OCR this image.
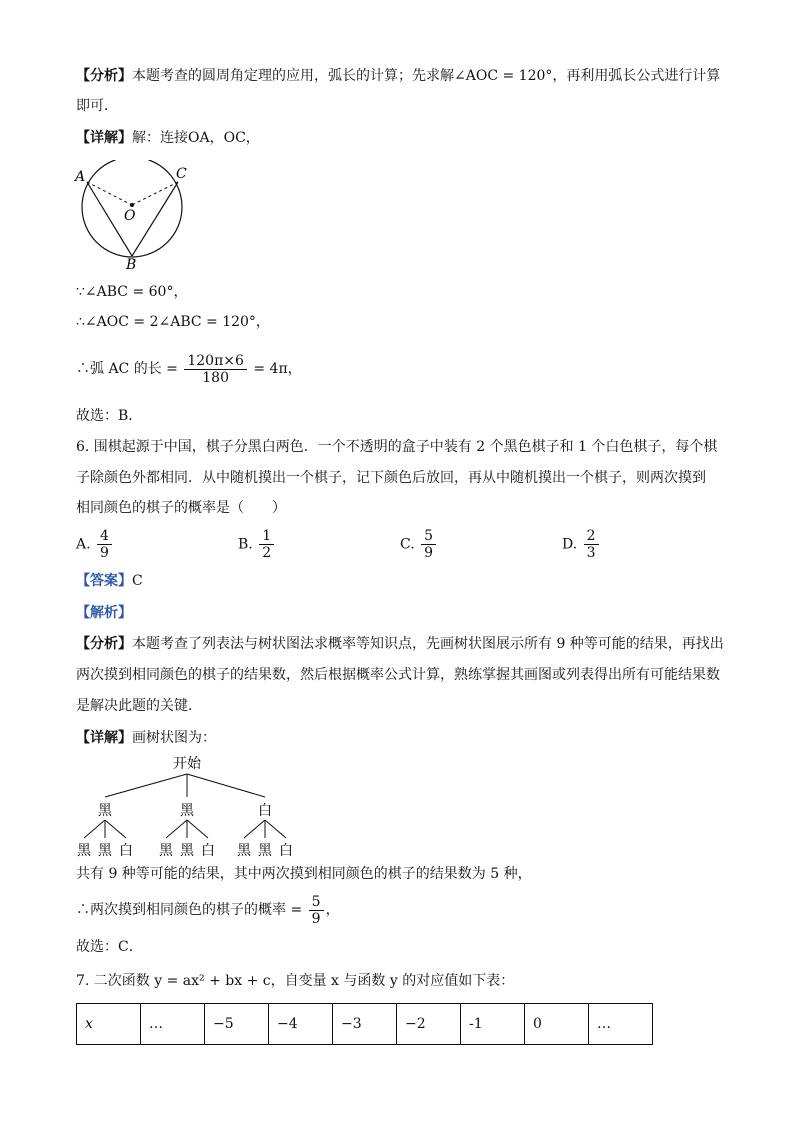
【分析】本题考查的圆周角定理的应用，弧长的计算；先求解∠AOC = 120°，再利用弧长公式进行计算
即可．
【详解】解：连接OA，OC，
A	C
O
B
∵∠ABC = 60°，
∴∠AOC = 2∠ABC = 120°，
∴弧 AC 的长 = $\frac{120\pi\times 6}{180} = 4\pi$，
故选：B．
6. 围棋起源于中国，棋子分黑白两色．一个不透明的盒子中装有 2 个黑色棋子和 1 个白色棋子，每个棋
子除颜色外都相同．从中随机摸出一个棋子，记下颜色后放回，再从中随机摸出一个棋子，则两次摸到
相同颜色的棋子的概率是（　　）
A. $\frac{4}{9}$	B. $\frac{1}{2}$	C. $\frac{5}{9}$	D. $\frac{2}{3}$
【答案】C
【解析】
【分析】本题考查了列表法与树状图法求概率等知识点，先画树状图展示所有 9 种等可能的结果，再找出
两次摸到相同颜色的棋子的结果数，然后根据概率公式计算，熟练掌握其画图或列表得出所有可能结果数
是解决此题的关键．
【详解】画树状图为：
开始
黑	黑	白
黑 黑 白 黑 黑 白 黑 黑 白
共有 9 种等可能的结果，其中两次摸到相同颜色的棋子的结果数为 5 种，
∴两次摸到相同颜色的棋子的概率 = $\frac{5}{9}$ ，
故选：C．
7. 二次函数 y = ax² + bx + c，自变量 x 与函数 y 的对应值如下表：
x	…	−5	−4	−3	−2	-1	0	…
